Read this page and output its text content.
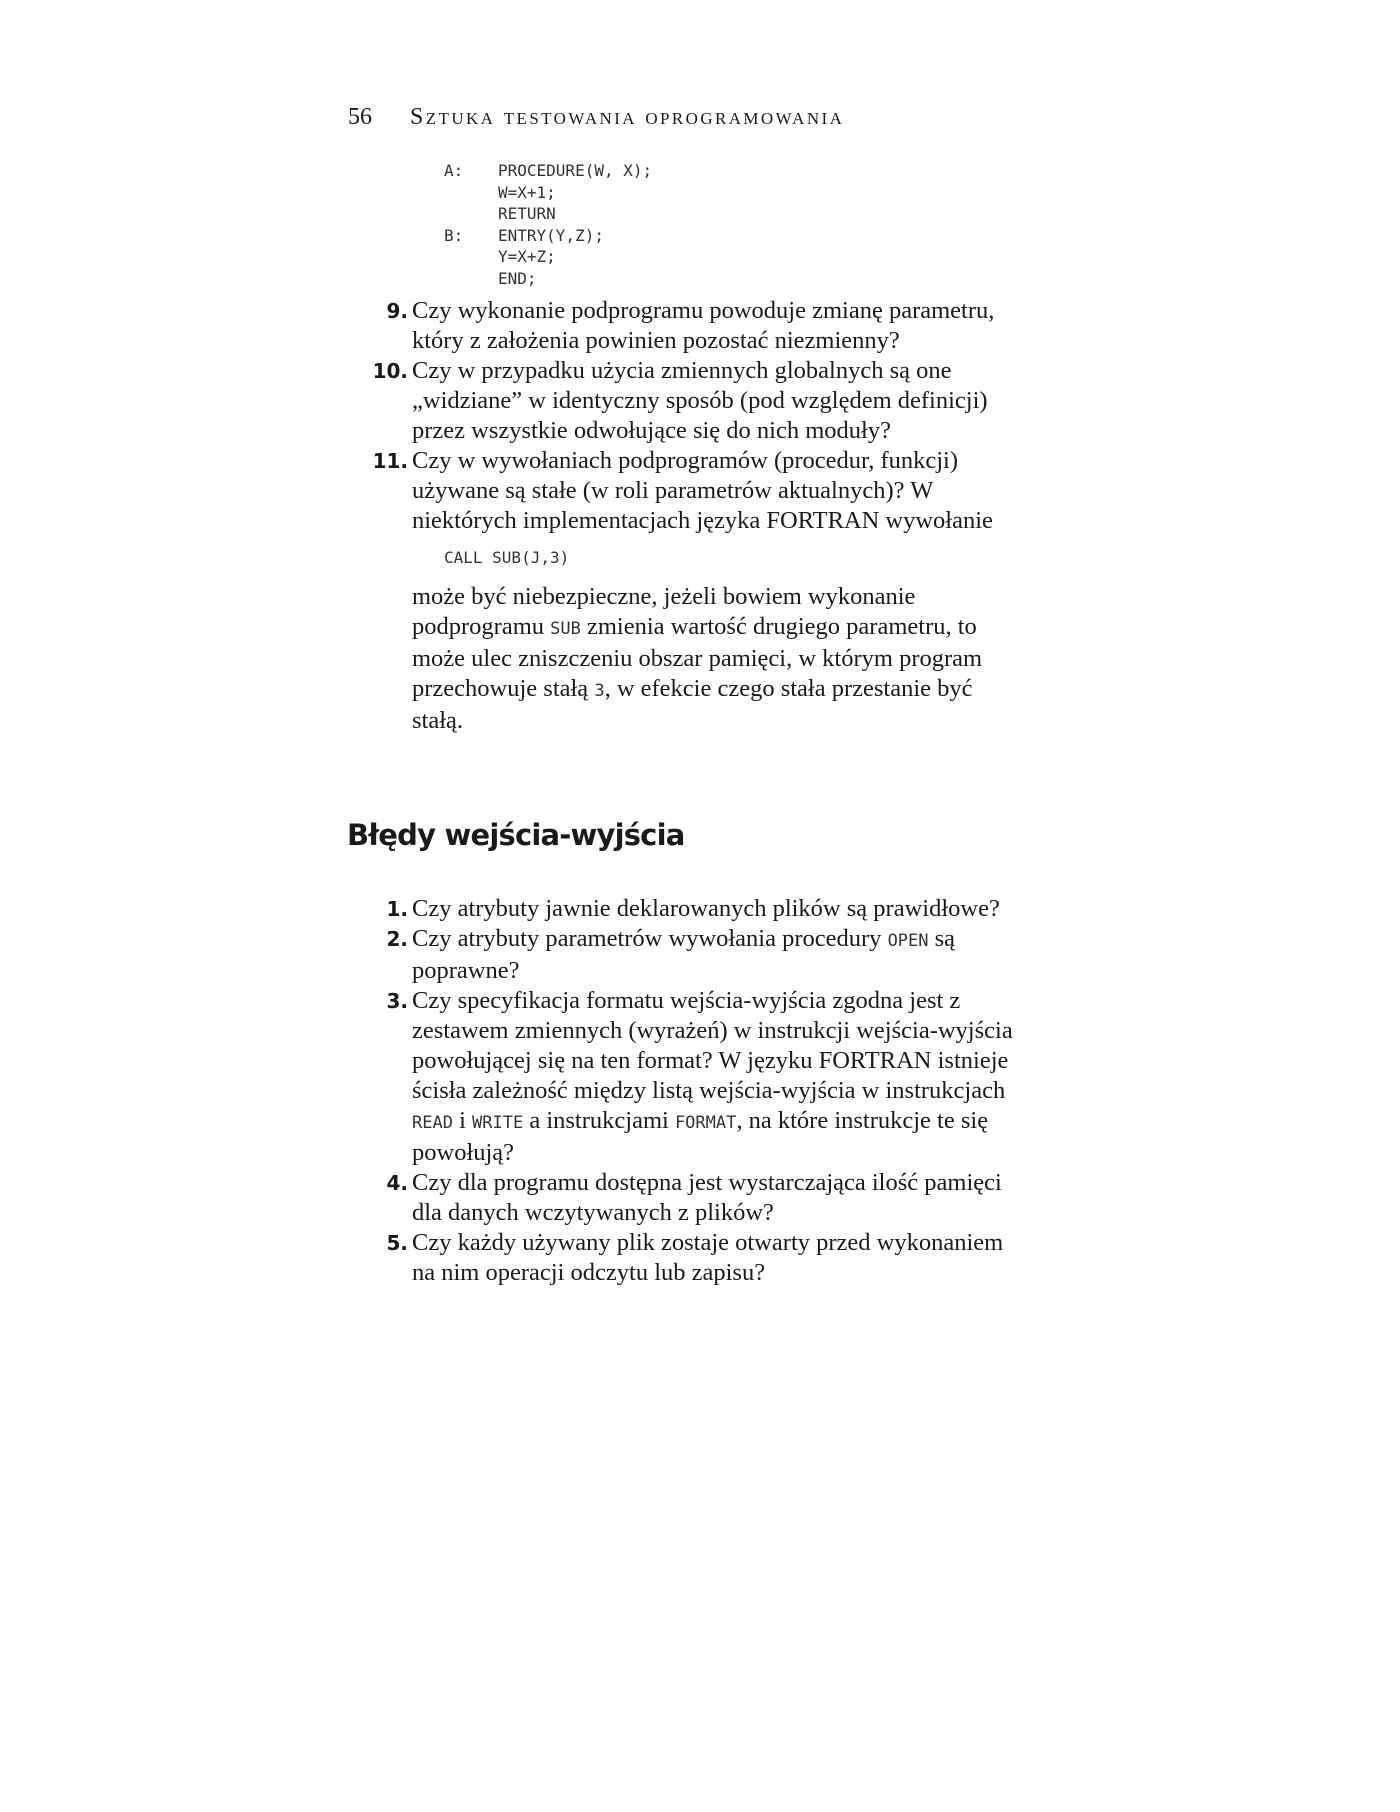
56 Sztuka testowania oprogramowania
A:	PROCEDURE(W, X);
W=X+1;
RETURN
B:	ENTRY(Y,Z);
Y=X+Z;
END;
9. Czy wykonanie podprogramu powoduje zmianę parametru, który z założenia powinien pozostać niezmienny?

10. Czy w przypadku użycia zmiennych globalnych są one „widziane” w identyczny sposób (pod względem definicji) przez wszystkie odwołujące się do nich moduły?

11. Czy w wywołaniach podprogramów (procedur, funkcji) używane są stałe (w roli parametrów aktualnych)? W niektórych implementacjach języka FORTRAN wywołanie

CALL SUB(J,3)

może być niebezpieczne, jeżeli bowiem wykonanie podprogramu SUB zmienia wartość drugiego parametru, to może ulec zniszczeniu obszar pamięci, w którym program przechowuje stałą 3, w efekcie czego stała przestanie być stałą.

Błędy wejścia-wyjścia
1. Czy atrybuty jawnie deklarowanych plików są prawidłowe?

2. Czy atrybuty parametrów wywołania procedury OPEN są poprawne?

3. Czy specyfikacja formatu wejścia-wyjścia zgodna jest z zestawem zmiennych (wyrażeń) w instrukcji wejścia-wyjścia powołującej się na ten format? W języku FORTRAN istnieje ścisła zależność między listą wejścia-wyjścia w instrukcjach READ i WRITE a instrukcjami FORMAT, na które instrukcje te się powołują?

4. Czy dla programu dostępna jest wystarczająca ilość pamięci dla danych wczytywanych z plików?

5. Czy każdy używany plik zostaje otwarty przed wykonaniem na nim operacji odczytu lub zapisu?
